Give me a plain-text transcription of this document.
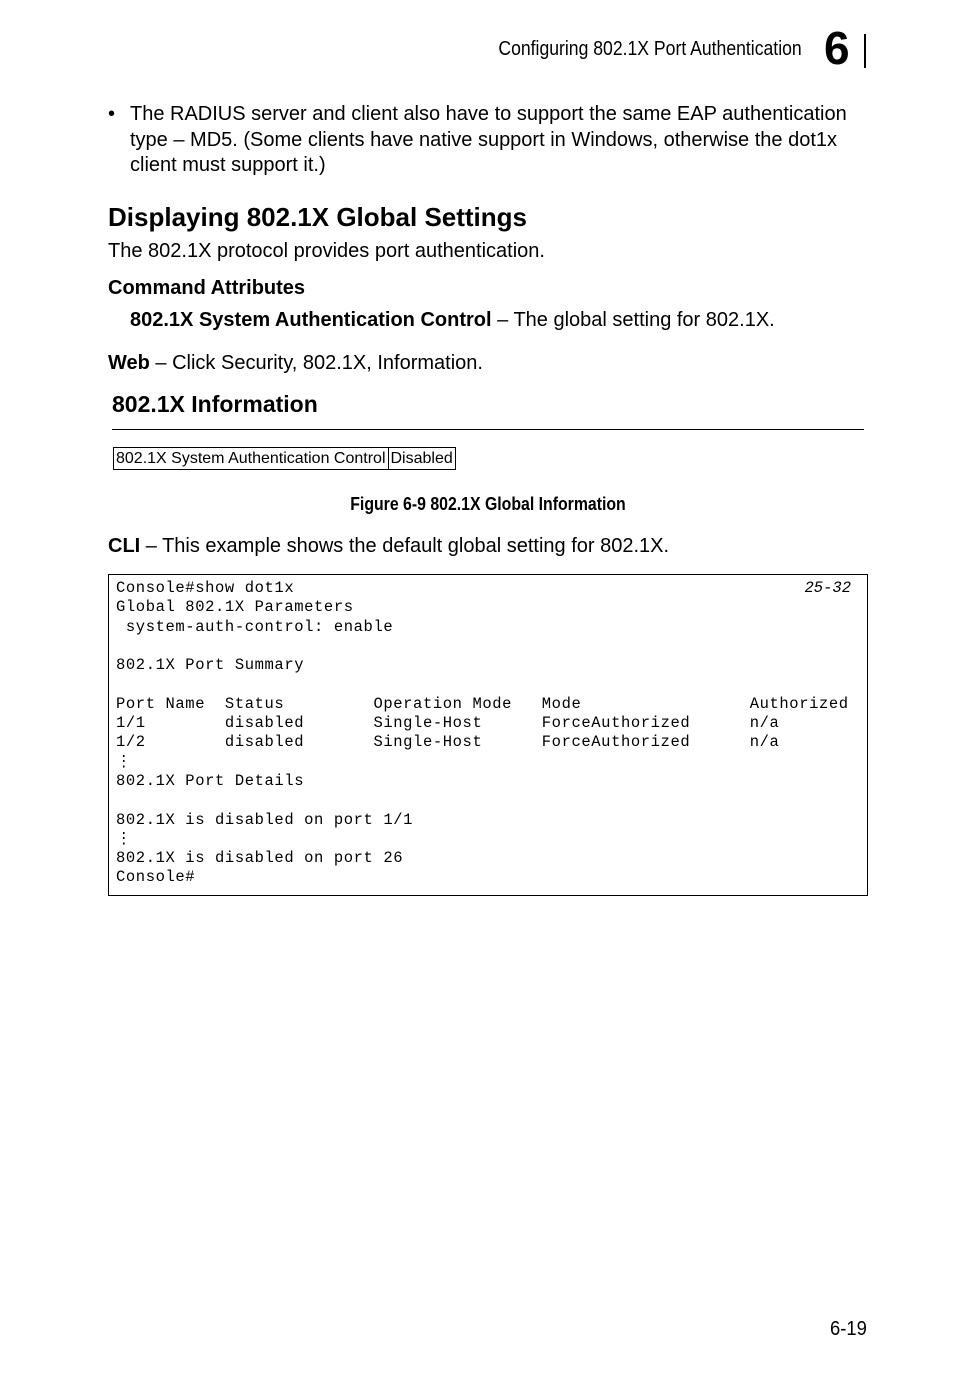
Configuring 802.1X Port Authentication 6
• The RADIUS server and client also have to support the same EAP authentication type – MD5. (Some clients have native support in Windows, otherwise the dot1x client must support it.)
Displaying 802.1X Global Settings
The 802.1X protocol provides port authentication.
Command Attributes
802.1X System Authentication Control – The global setting for 802.1X.
Web – Click Security, 802.1X, Information.
802.1X Information
802.1X System Authentication Control	Disabled
Figure 6-9 802.1X Global Information
CLI – This example shows the default global setting for 802.1X.
Console#show dot1x
Global 802.1X Parameters
system-auth-control: enable

802.1X Port Summary

Port Name  Status         Operation Mode   Mode                 Authorized
1/1        disabled       Single-Host      ForceAuthorized      n/a
1/2        disabled       Single-Host      ForceAuthorized      n/a
⋮
802.1X Port Details

802.1X is disabled on port 1/1
⋮
802.1X is disabled on port 26
Console#
25-32
6-19
